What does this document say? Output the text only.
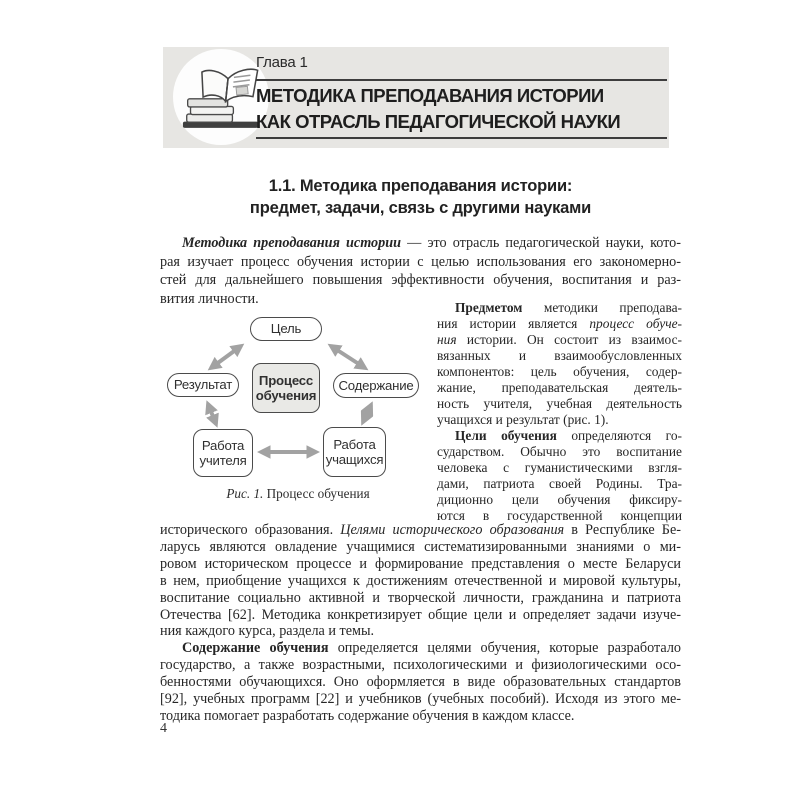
Глава 1
МЕТОДИКА ПРЕПОДАВАНИЯ ИСТОРИИ
КАК ОТРАСЛЬ ПЕДАГОГИЧЕСКОЙ НАУКИ
1.1. Методика преподавания истории:
предмет, задачи, связь с другими науками
Методика преподавания истории — это отрасль педагогической науки, кото-
рая изучает процесс обучения истории с целью использования его закономерно-
стей для дальнейшего повышения эффективности обучения, воспитания и раз-
вития личности.
Цель
Результат	Содержание
Процесс
обучения
Работа
учителя
Работа
учащихся
Рис. 1. Процесс обучения
Предметом методики преподава-
ния истории является процесс обуче-
ния истории. Он состоит из взаимос-
вязанных и взаимообусловленных
компонентов: цель обучения, содер-
жание, преподавательская деятель-
ность учителя, учебная деятельность
учащихся и результат (рис. 1).
Цели обучения определяются го-
сударством. Обычно это воспитание
человека с гуманистическими взгля-
дами, патриота своей Родины. Тра-
диционно цели обучения фиксиру-
ются в государственной концепции
исторического образования. Целями исторического образования в Республике Бе-
ларусь являются овладение учащимися систематизированными знаниями о ми-
ровом историческом процессе и формирование представления о месте Беларуси
в нем, приобщение учащихся к достижениям отечественной и мировой культуры,
воспитание социально активной и творческой личности, гражданина и патриота
Отечества [62]. Методика конкретизирует общие цели и определяет задачи изуче-
ния каждого курса, раздела и темы.
Содержание обучения определяется целями обучения, которые разработало
государство, а также возрастными, психологическими и физиологическими осо-
бенностями обучающихся. Оно оформляется в виде образовательных стандартов
[92], учебных программ [22] и учебников (учебных пособий). Исходя из этого ме-
тодика помогает разработать содержание обучения в каждом классе.
4
